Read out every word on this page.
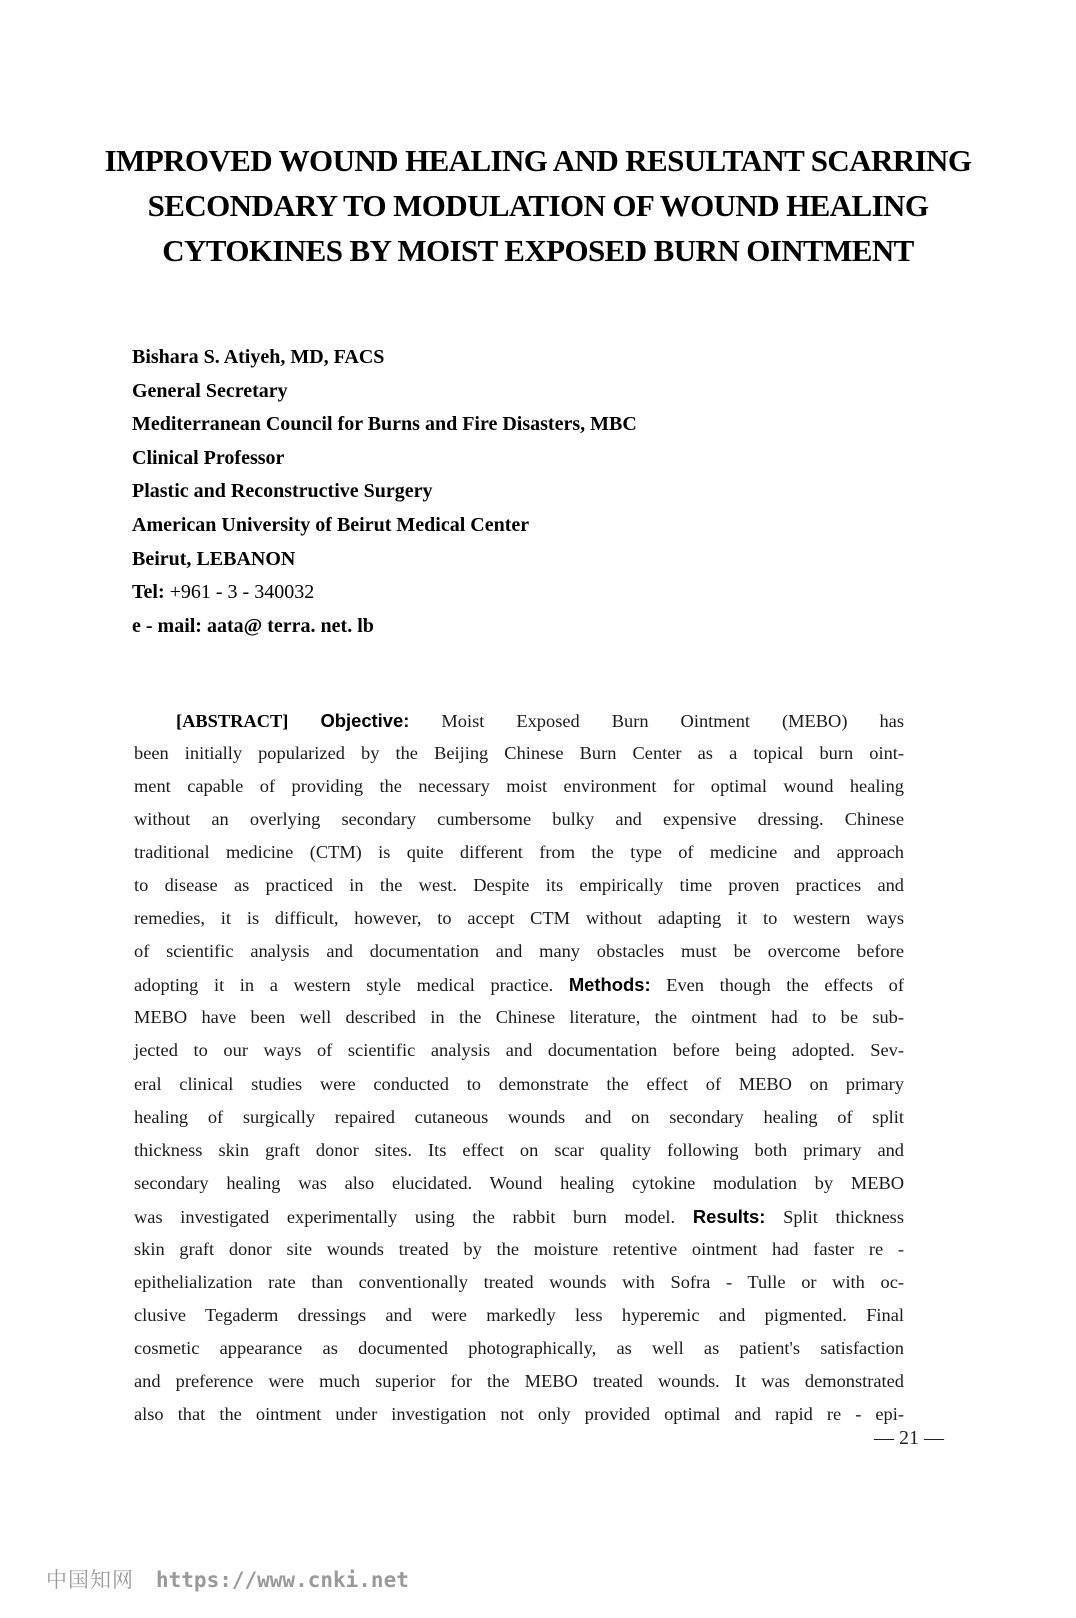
IMPROVED WOUND HEALING AND RESULTANT SCARRING
SECONDARY TO MODULATION OF WOUND HEALING
CYTOKINES BY MOIST EXPOSED BURN OINTMENT
Bishara S. Atiyeh, MD, FACS
General Secretary
Mediterranean Council for Burns and Fire Disasters, MBC
Clinical Professor
Plastic and Reconstructive Surgery
American University of Beirut Medical Center
Beirut, LEBANON
Tel: +961 - 3 - 340032
e - mail: aata@ terra. net. lb
[ABSTRACT] Objective: Moist Exposed Burn Ointment (MEBO) has
been initially popularized by the Beijing Chinese Burn Center as a topical burn oint-
ment capable of providing the necessary moist environment for optimal wound healing
without an overlying secondary cumbersome bulky and expensive dressing. Chinese
traditional medicine (CTM) is quite different from the type of medicine and approach
to disease as practiced in the west. Despite its empirically time proven practices and
remedies, it is difficult, however, to accept CTM without adapting it to western ways
of scientific analysis and documentation and many obstacles must be overcome before
adopting it in a western style medical practice. Methods: Even though the effects of
MEBO have been well described in the Chinese literature, the ointment had to be sub-
jected to our ways of scientific analysis and documentation before being adopted. Sev-
eral clinical studies were conducted to demonstrate the effect of MEBO on primary
healing of surgically repaired cutaneous wounds and on secondary healing of split
thickness skin graft donor sites. Its effect on scar quality following both primary and
secondary healing was also elucidated. Wound healing cytokine modulation by MEBO
was investigated experimentally using the rabbit burn model. Results: Split thickness
skin graft donor site wounds treated by the moisture retentive ointment had faster re -
epithelialization rate than conventionally treated wounds with Sofra - Tulle or with oc-
clusive Tegaderm dressings and were markedly less hyperemic and pigmented. Final
cosmetic appearance as documented photographically, as well as patient's satisfaction
and preference were much superior for the MEBO treated wounds. It was demonstrated
also that the ointment under investigation not only provided optimal and rapid re - epi-
— 21 —
中国知网 https://www.cnki.net
